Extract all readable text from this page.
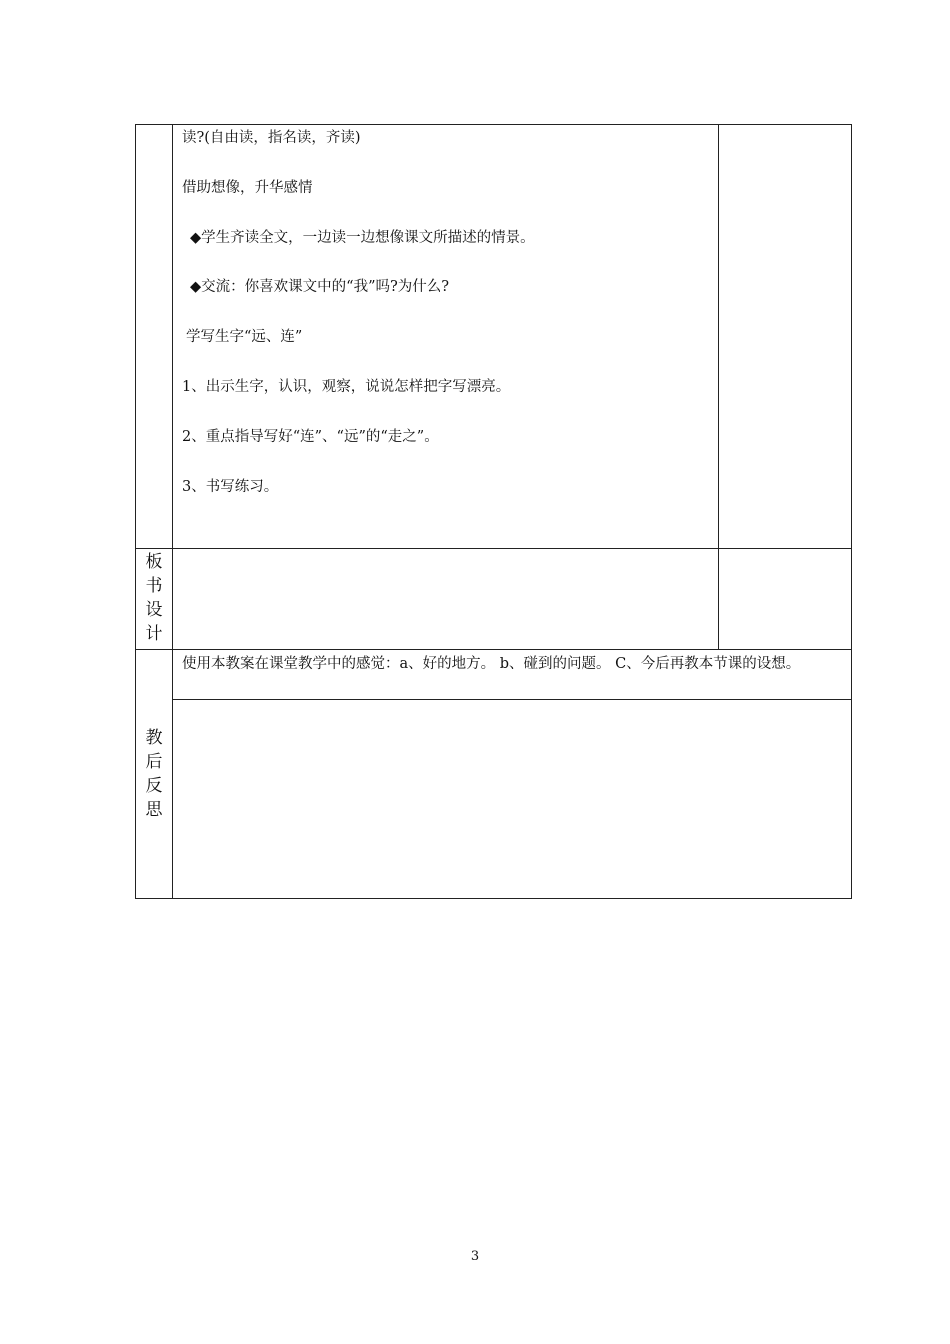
读?(自由读，指名读，齐读)
借助想像，升华感情
◆学生齐读全文，一边读一边想像课文所描述的情景。
◆交流：你喜欢课文中的“我”吗?为什么?
学写生字“远、连”
1、出示生字，认识，观察，说说怎样把字写漂亮。
2、重点指导写好“连”、“远”的“走之”。
3、书写练习。
板
书
设
计
教
后
反
思
使用本教案在课堂教学中的感觉：a、好的地方。 b、碰到的问题。 C、今后再教本节课的设想。
3
